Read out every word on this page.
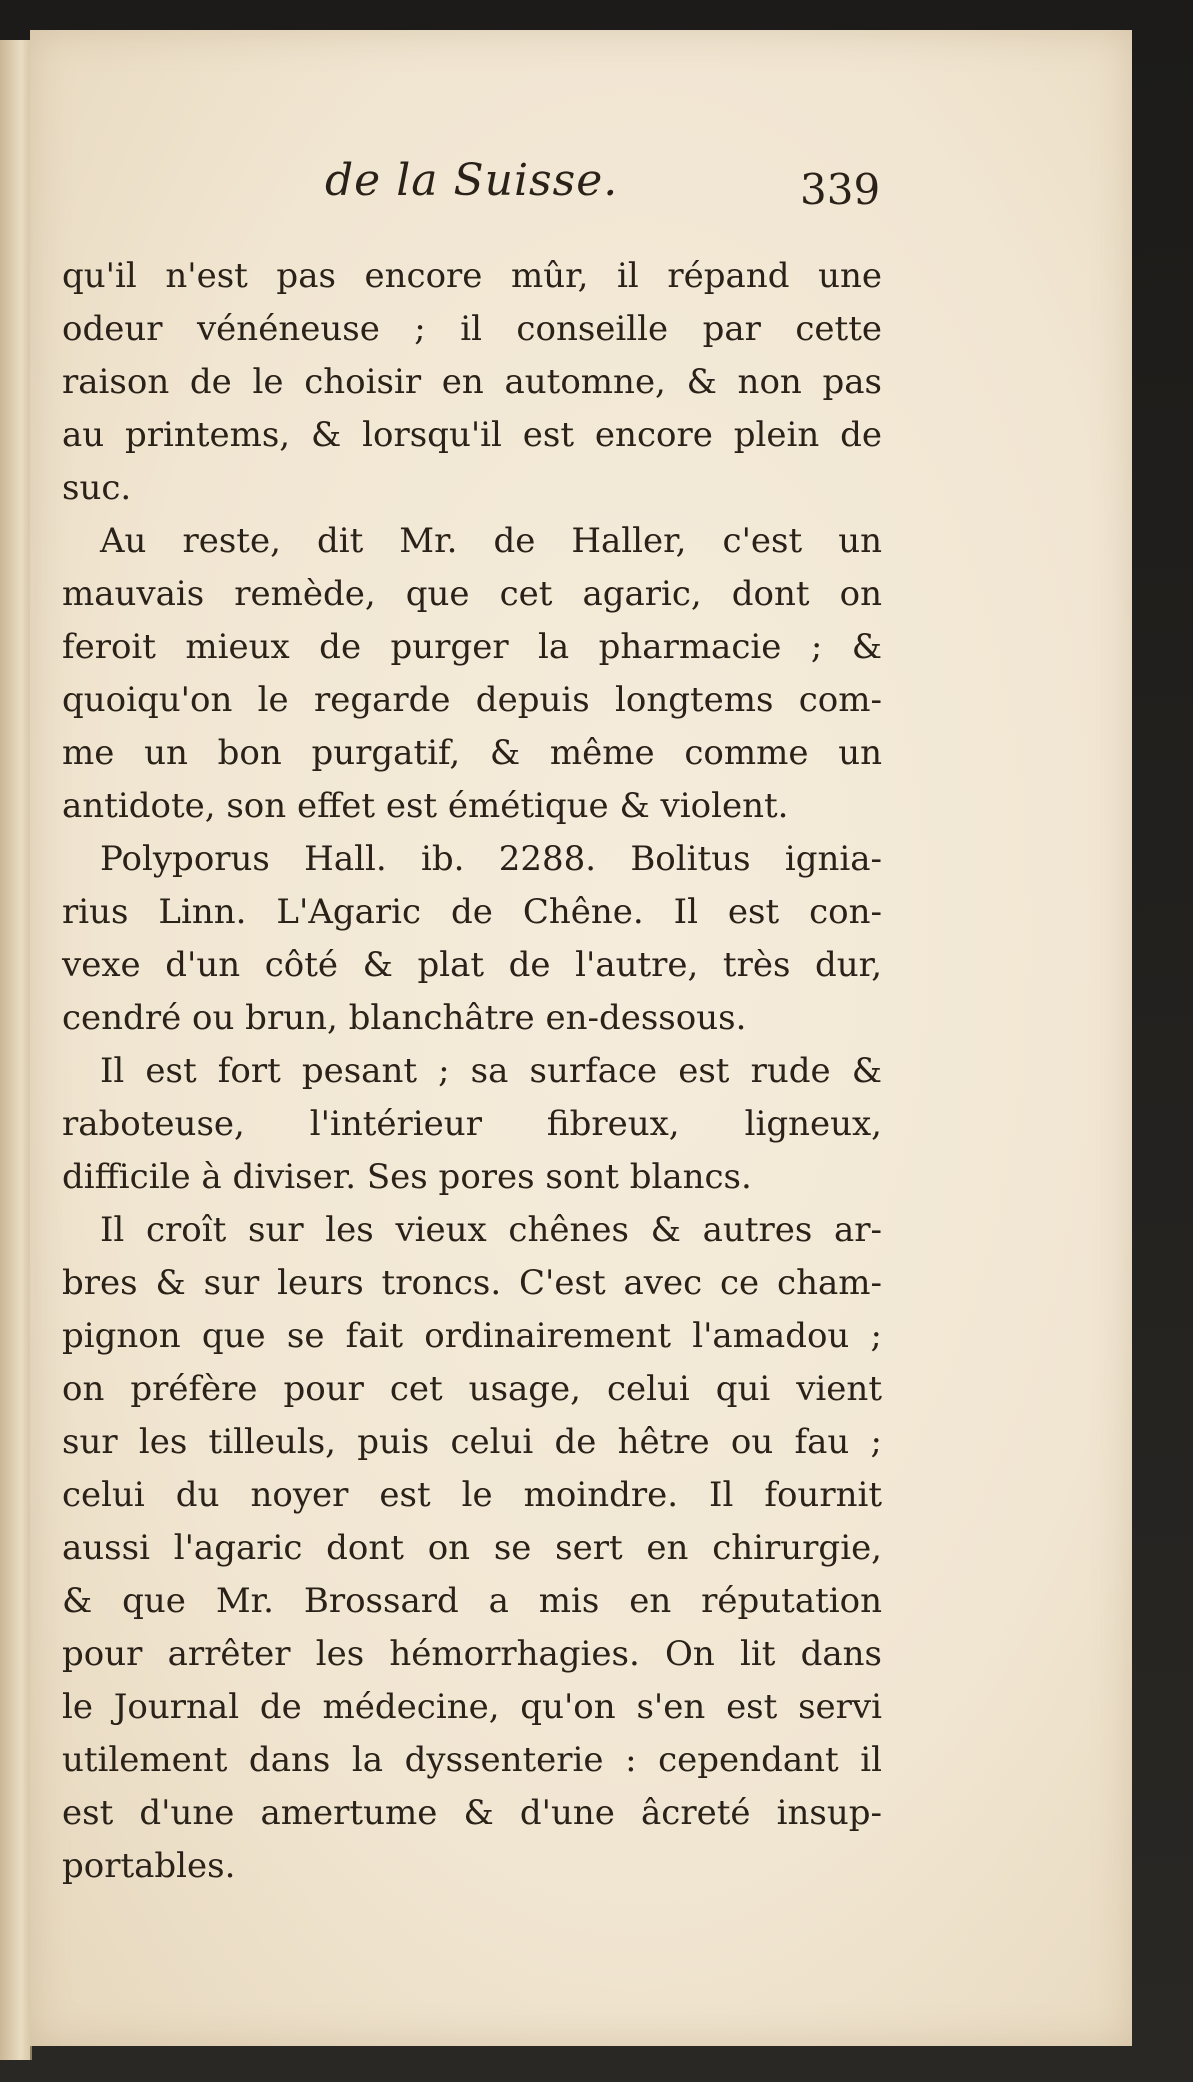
de la Suisse.	339
qu'il n'est pas encore mûr, il répand une
odeur vénéneuse ; il conseille par cette
raison de le choisir en automne, & non pas
au printems, & lorsqu'il est encore plein de
suc.
Au reste, dit Mr. de Haller, c'est un
mauvais remède, que cet agaric, dont on
feroit mieux de purger la pharmacie ; &
quoiqu'on le regarde depuis longtems com-
me un bon purgatif, & même comme un
antidote, son effet est émétique & violent.
Polyporus Hall. ib. 2288. Bolitus ignia-
rius Linn. L'Agaric de Chêne. Il est con-
vexe d'un côté & plat de l'autre, très dur,
cendré ou brun, blanchâtre en-dessous.
Il est fort pesant ; sa surface est rude &
raboteuse, l'intérieur fibreux, ligneux,
difficile à diviser. Ses pores sont blancs.
Il croît sur les vieux chênes & autres ar-
bres & sur leurs troncs. C'est avec ce cham-
pignon que se fait ordinairement l'amadou ;
on préfère pour cet usage, celui qui vient
sur les tilleuls, puis celui de hêtre ou fau ;
celui du noyer est le moindre. Il fournit
aussi l'agaric dont on se sert en chirurgie,
& que Mr. Brossard a mis en réputation
pour arrêter les hémorrhagies. On lit dans
le Journal de médecine, qu'on s'en est servi
utilement dans la dyssenterie : cependant il
est d'une amertume & d'une âcreté insup-
portables.
